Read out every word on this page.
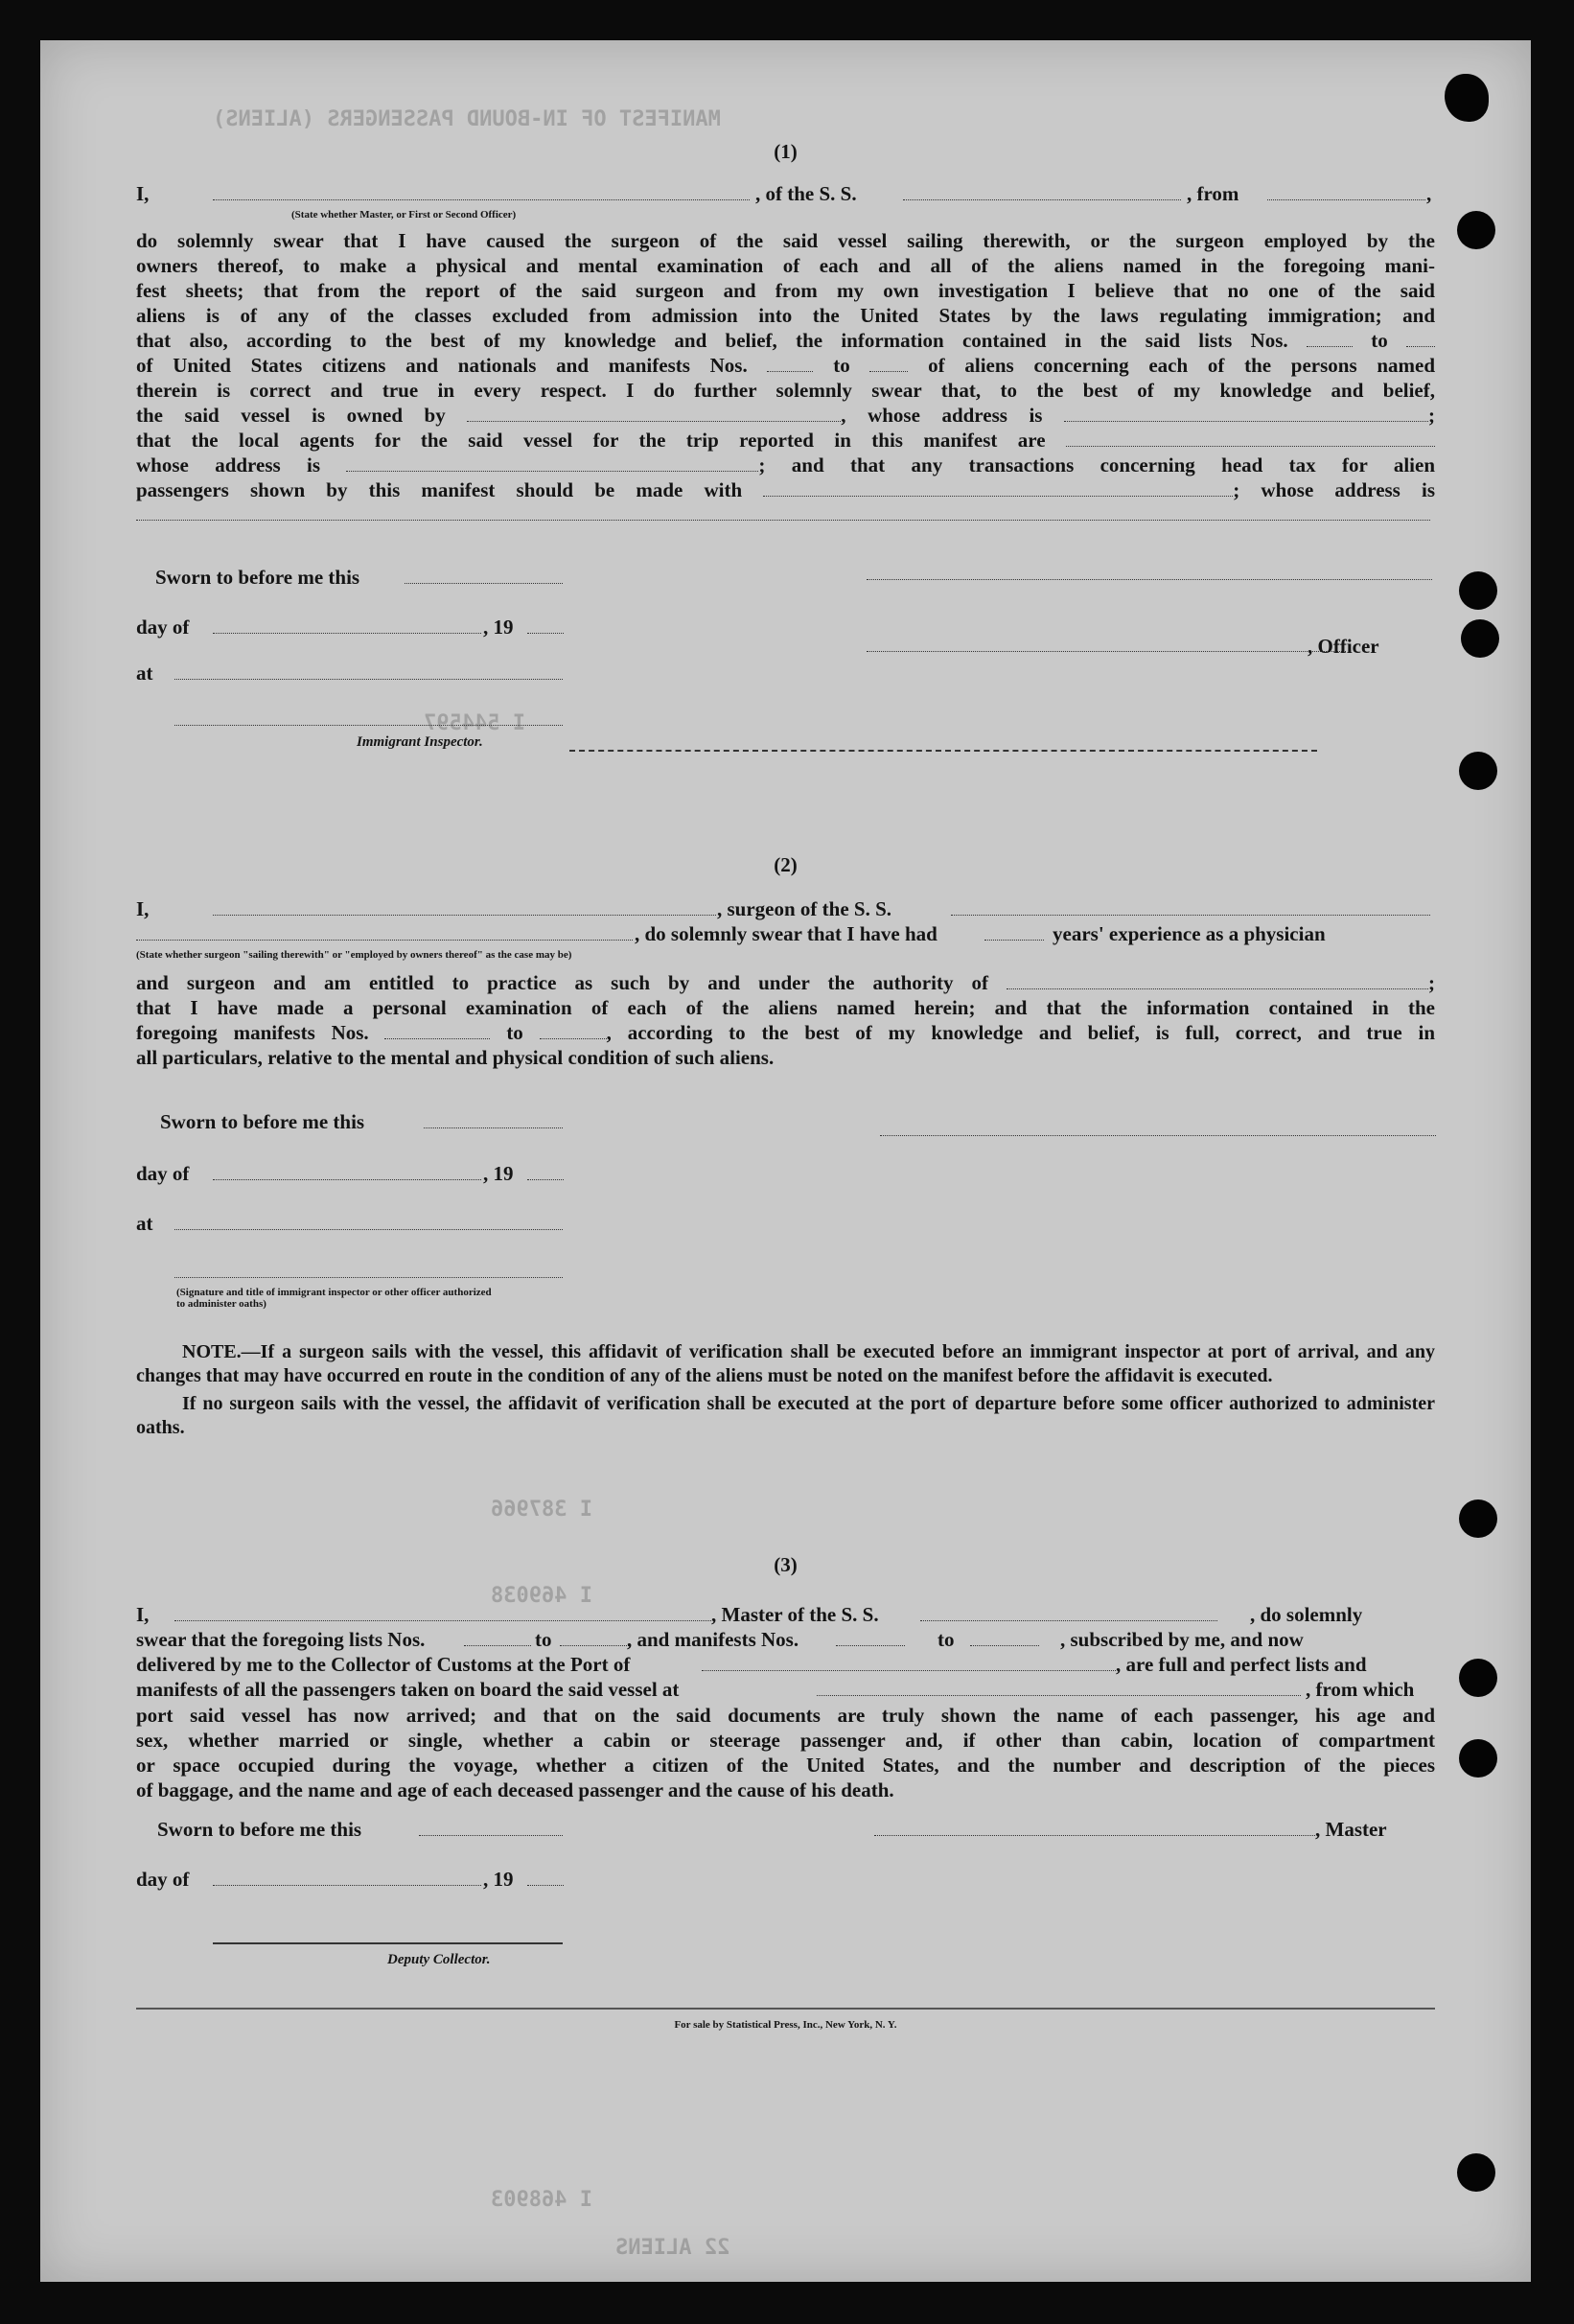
MANIFEST OF IN-BOUND PASSENGERS (ALIENS)
I 544597
I 387966
I 469038
I 468903
22 ALIENS
(1)
I,	, of the S. S.	, from	,
(State whether Master, or First or Second Officer)

do solemnly swear that I have caused the surgeon of the said vessel sailing therewith, or the surgeon employed by the

owners thereof, to make a physical and mental examination of each and all of the aliens named in the foregoing mani-

fest sheets; that from the report of the said surgeon and from my own investigation I believe that no one of the said

aliens is of any of the classes excluded from admission into the United States by the laws regulating immigration; and

that also, according to the best of my knowledge and belief, the information contained in the said lists Nos.	to

of United States citizens and nationals and manifests Nos.	to	of aliens concerning each of the persons named

therein is correct and true in every respect. I do further solemnly swear that, to the best of my knowledge and belief,

the said vessel is owned by	, whose address is	;

that the local agents for the said vessel for the trip reported in this manifest are

whose address is	; and that any transactions concerning head tax for alien

passengers shown by this manifest should be made with	; whose address is

Sworn to before me this
day of	, 19
, Officer
at
Immigrant Inspector.
(2)
I,	, surgeon of the S. S.
, do solemnly swear that I have had	years' experience as a physician
(State whether surgeon "sailing therewith" or "employed by owners thereof" as the case may be)

and surgeon and am entitled to practice as such by and under the authority of	;

that I have made a personal examination of each of the aliens named herein; and that the information contained in the

foregoing manifests Nos.	to	, according to the best of my knowledge and belief, is full, correct, and true in

all particulars, relative to the mental and physical condition of such aliens.

Sworn to before me this
day of	, 19
at
(Signature and title of immigrant inspector or other officer authorized to administer oaths)

NOTE.—If a surgeon sails with the vessel, this affidavit of verification shall be executed before an immigrant inspector at port of arrival, and any changes that may have occurred en route in the condition of any of the aliens must be noted on the manifest before the affidavit is executed.

If no surgeon sails with the vessel, the affidavit of verification shall be executed at the port of departure before some officer authorized to administer oaths.

(3)
I,	, Master of the S. S.	, do solemnly
swear that the foregoing lists Nos.	to	, and manifests Nos.	to	, subscribed by me, and now
delivered by me to the Collector of Customs at the Port of	, are full and perfect lists and
manifests of all the passengers taken on board the said vessel at	, from which

port said vessel has now arrived; and that on the said documents are truly shown the name of each passenger, his age and

sex, whether married or single, whether a cabin or steerage passenger and, if other than cabin, location of compartment

or space occupied during the voyage, whether a citizen of the United States, and the number and description of the pieces

of baggage, and the name and age of each deceased passenger and the cause of his death.

Sworn to before me this	, Master
day of	, 19
Deputy Collector.
For sale by Statistical Press, Inc., New York, N. Y.
